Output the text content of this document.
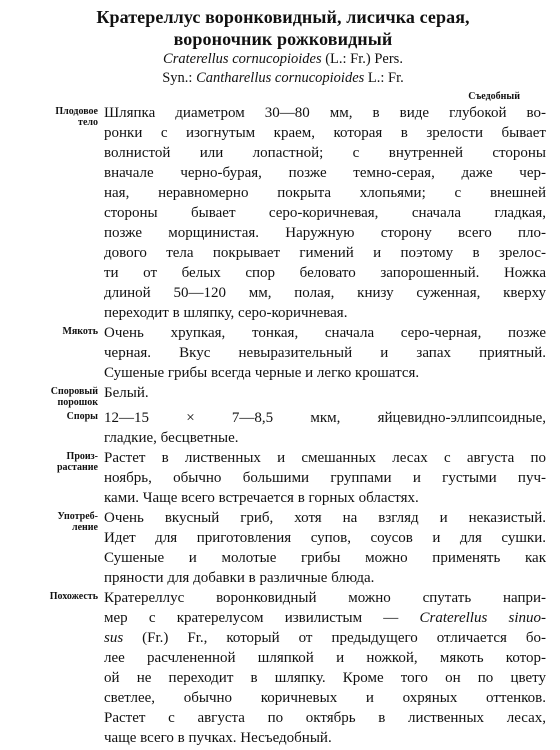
Кратереллус воронковидный, лисичка серая,
вороночник рожковидный
Craterellus cornucopioides (L.: Fr.) Pers.
Syn.: Cantharellus cornucopioides L.: Fr.
Съедобный
Плодовое
тело
Шляпка диаметром 30—80 мм, в виде глубокой во-
ронки с изогнутым краем, которая в зрелости бывает
волнистой или лопастной; с внутренней стороны
вначале черно-бурая, позже темно-серая, даже чер-
ная, неравномерно покрыта хлопьями; с внешней
стороны бывает серо-коричневая, сначала гладкая,
позже морщинистая. Наружную сторону всего пло-
дового тела покрывает гимений и поэтому в зрелос-
ти от белых спор беловато запорошенный. Ножка
длиной 50—120 мм, полая, книзу суженная, кверху
переходит в шляпку, серо-коричневая.
Мякоть Очень хрупкая, тонкая, сначала серо-черная, позже
черная. Вкус невыразительный и запах приятный.
Сушеные грибы всегда черные и легко крошатся.
Споровый
порошок
Белый.
Споры 12—15 × 7—8,5 мкм, яйцевидно-эллипсоидные,
гладкие, бесцветные.
Произ-
растание
Растет в лиственных и смешанных лесах с августа по
ноябрь, обычно большими группами и густыми пуч-
ками. Чаще всего встречается в горных областях.
Употреб-
ление
Очень вкусный гриб, хотя на взгляд и неказистый.
Идет для приготовления супов, соусов и для сушки.
Сушеные и молотые грибы можно применять как
пряности для добавки в различные блюда.
Похожесть Кратереллус воронковидный можно спутать напри-
мер с кратерелусом извилистым — Craterellus sinuo-
sus (Fr.) Fr., который от предыдущего отличается бо-
лее расчлененной шляпкой и ножкой, мякоть котор-
ой не переходит в шляпку. Кроме того он по цвету
светлее, обычно коричневых и охряных оттенков.
Растет с августа по октябрь в лиственных лесах,
чаще всего в пучках. Несъедобный.
